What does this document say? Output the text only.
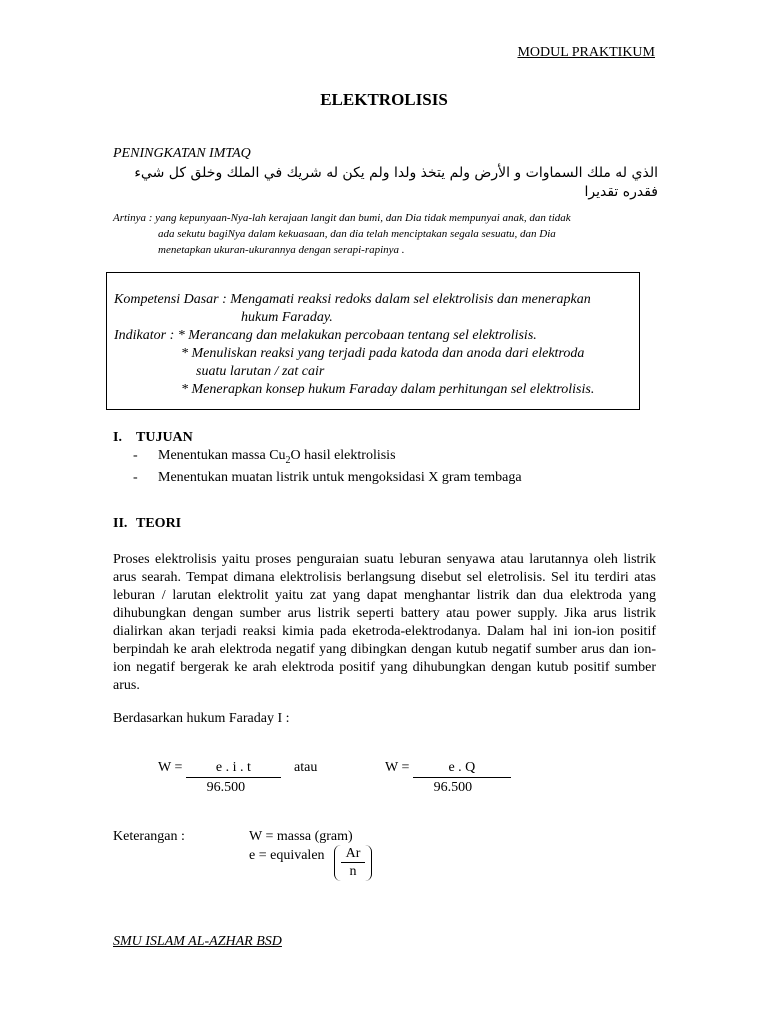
MODUL PRAKTIKUM
ELEKTROLISIS
PENINGKATAN IMTAQ
الذي له ملك السماوات و الأرض ولم يتخذ ولدا ولم يكن له شريك في الملك وخلق كل شيء فقدره تقديرا
Artinya : yang kepunyaan-Nya-lah kerajaan langit dan bumi, dan Dia tidak mempunyai anak, dan tidak
ada sekutu bagiNya dalam kekuasaan, dan dia telah menciptakan segala sesuatu, dan Dia
menetapkan ukuran-ukurannya dengan serapi-rapinya .
Kompetensi Dasar : Mengamati reaksi redoks dalam sel elektrolisis dan menerapkan
hukum Faraday.
Indikator : * Merancang dan melakukan percobaan tentang sel elektrolisis.
* Menuliskan reaksi yang terjadi pada katoda dan anoda dari elektroda
suatu larutan / zat cair
* Menerapkan konsep hukum Faraday dalam perhitungan sel elektrolisis.
I. TUJUAN
-	Menentukan massa $Cu_2O$ hasil elektrolisis
-	Menentukan muatan listrik untuk mengoksidasi X gram tembaga
II. TEORI
Proses elektrolisis yaitu proses penguraian suatu leburan senyawa atau larutannya oleh listrik arus searah. Tempat dimana elektrolisis berlangsung disebut sel eletrolisis. Sel itu terdiri atas leburan / larutan elektrolit yaitu zat yang dapat menghantar listrik dan dua elektroda yang dihubungkan dengan sumber arus listrik seperti battery atau power supply. Jika arus listrik dialirkan akan terjadi reaksi kimia pada eketroda-elektrodanya. Dalam hal ini ion-ion positif berpindah ke arah elektroda negatif yang dibingkan dengan kutub negatif sumber arus dan ion-ion negatif bergerak ke arah elektroda positif yang dihubungkan dengan kutub positif sumber arus.
Berdasarkan hukum Faraday I :
$W = \frac{e . i . t}{96.500}$ atau	$W = \frac{e . Q}{96.500}$
Keterangan :	W = massa (gram)
e = equivalen $\frac{Ar}{n}$
SMU ISLAM AL-AZHAR BSD
